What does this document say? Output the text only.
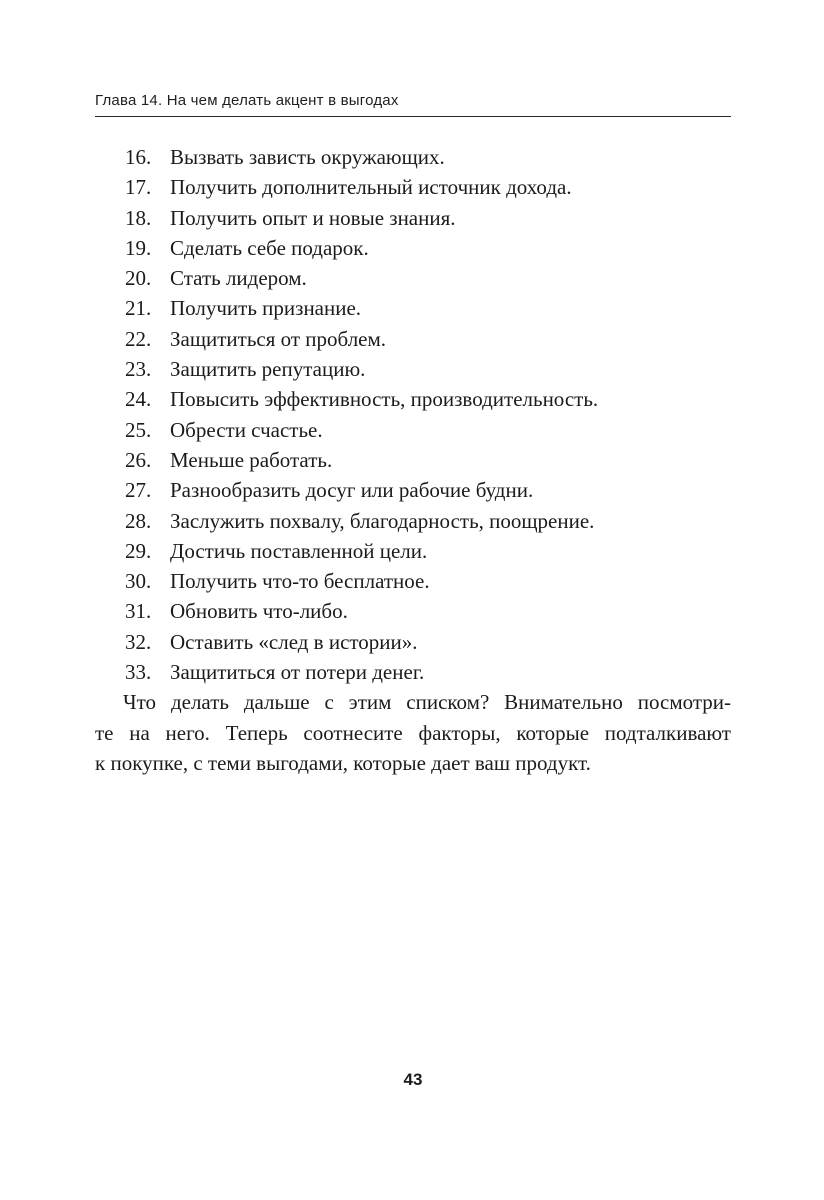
Глава 14. На чем делать акцент в выгодах
16. Вызвать зависть окружающих.
17. Получить дополнительный источник дохода.
18. Получить опыт и новые знания.
19. Сделать себе подарок.
20. Стать лидером.
21. Получить признание.
22. Защититься от проблем.
23. Защитить репутацию.
24. Повысить эффективность, производительность.
25. Обрести счастье.
26. Меньше работать.
27. Разнообразить досуг или рабочие будни.
28. Заслужить похвалу, благодарность, поощрение.
29. Достичь поставленной цели.
30. Получить что-то бесплатное.
31. Обновить что-либо.
32. Оставить «след в истории».
33. Защититься от потери денег.

Что делать дальше с этим списком? Внимательно посмотри-
те на него. Теперь соотнесите факторы, которые подталкивают
к покупке, с теми выгодами, которые дает ваш продукт.

43
